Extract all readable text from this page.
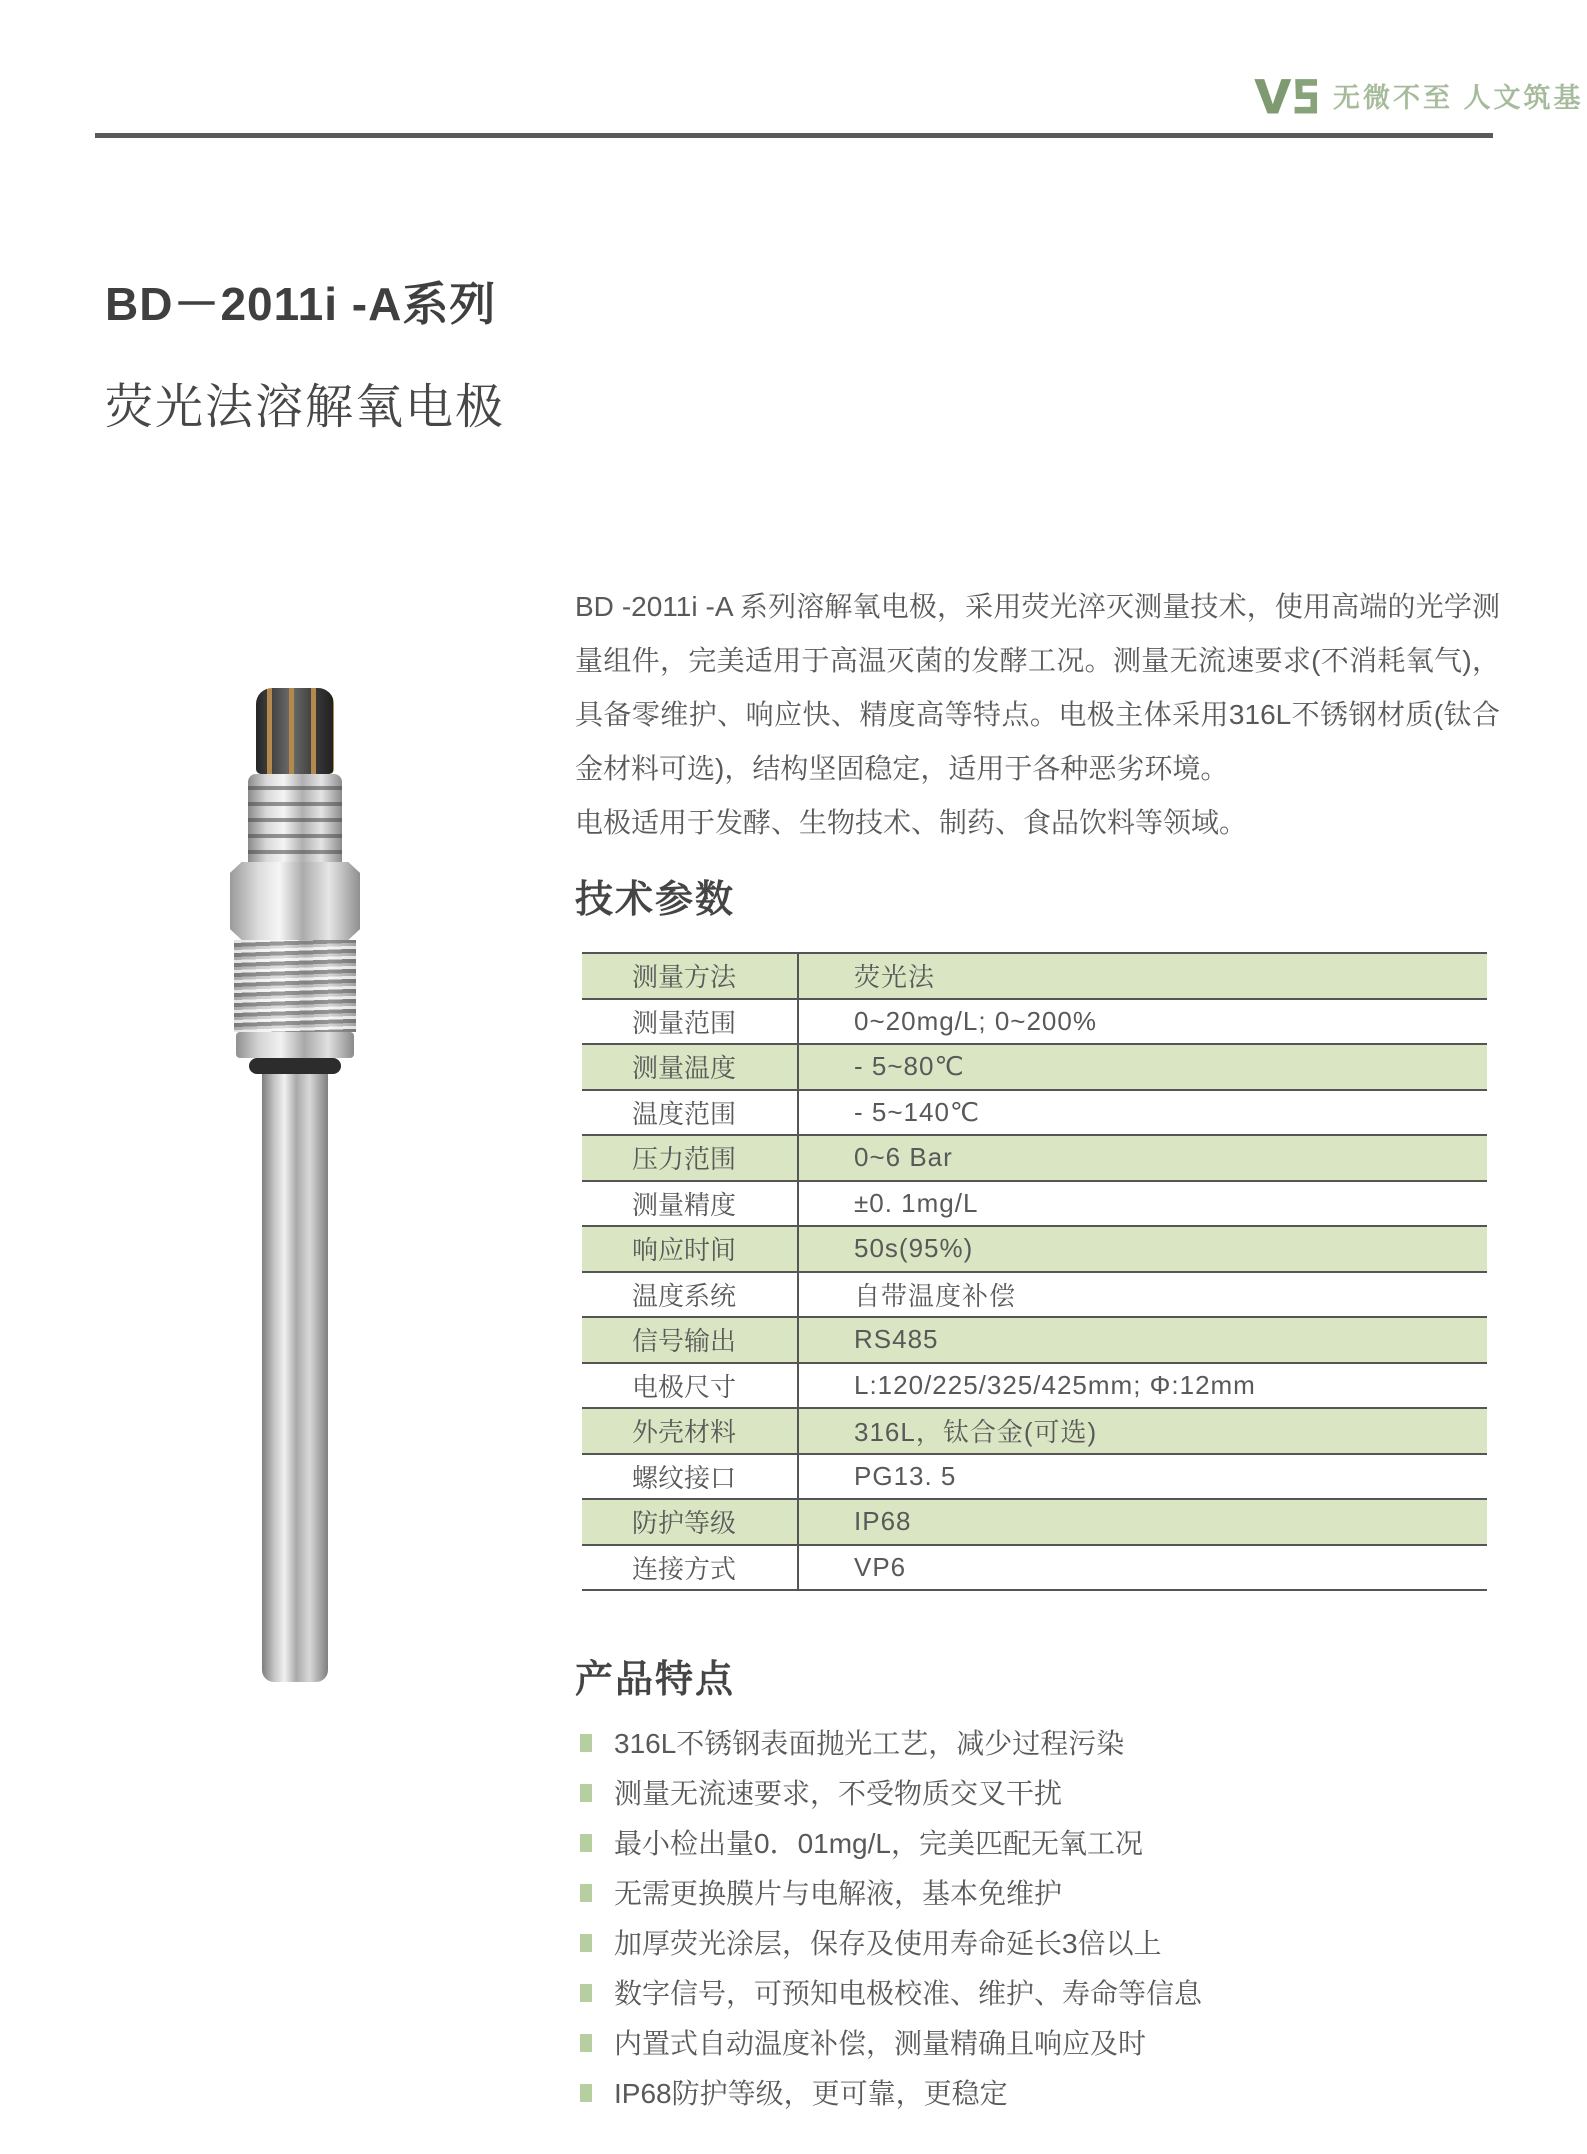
无微不至 人文筑基
BD－2011i -A系列
荧光法溶解氧电极

BD -2011i -A 系列溶解氧电极，采用荧光淬灭测量技术，使用高端的光学测量组件，完美适用于高温灭菌的发酵工况。测量无流速要求(不消耗氧气)，具备零维护、响应快、精度高等特点。电极主体采用316L不锈钢材质(钛合金材料可选)，结构坚固稳定，适用于各种恶劣环境。

电极适用于发酵、生物技术、制药、食品饮料等领域。

技术参数
测量方法	荧光法
测量范围	0~20mg/L; 0~200%
测量温度	- 5~80℃
温度范围	- 5~140℃
压力范围	0~6 Bar
测量精度	±0. 1mg/L
响应时间	50s(95%)
温度系统	自带温度补偿
信号输出	RS485
电极尺寸	L:120/225/325/425mm; Φ:12mm
外壳材料	316L，钛合金(可选)
螺纹接口	PG13. 5
防护等级	IP68
连接方式	VP6
产品特点
316L不锈钢表面抛光工艺，减少过程污染
测量无流速要求，不受物质交叉干扰
最小检出量0．01mg/L，完美匹配无氧工况
无需更换膜片与电解液，基本免维护
加厚荧光涂层，保存及使用寿命延长3倍以上
数字信号，可预知电极校准、维护、寿命等信息
内置式自动温度补偿，测量精确且响应及时
IP68防护等级，更可靠，更稳定
